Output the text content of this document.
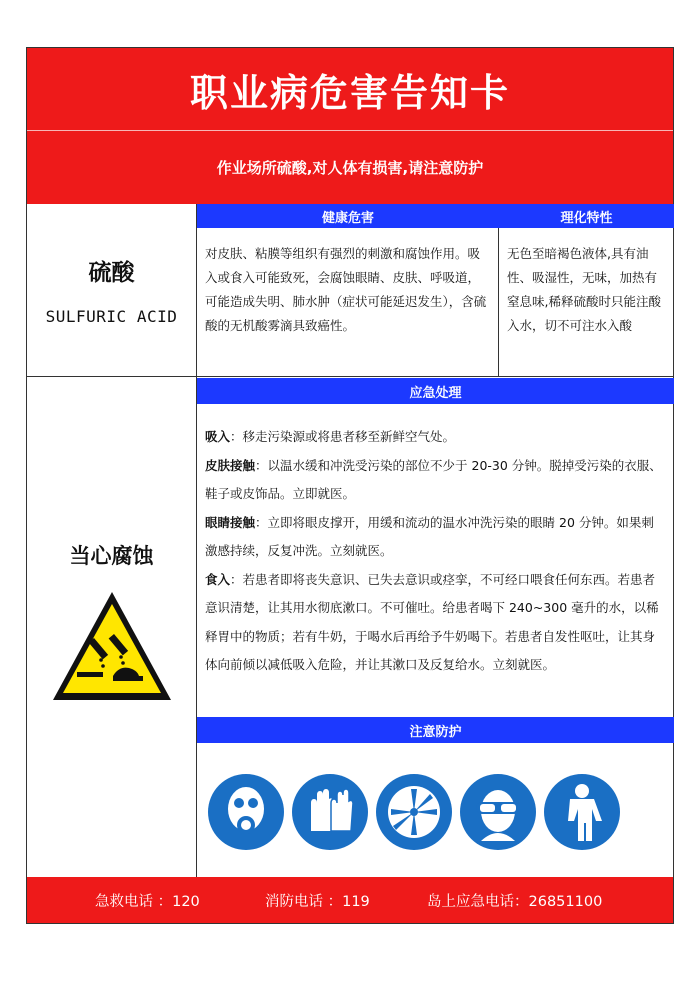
职业病危害告知卡
作业场所硫酸,对人体有损害,请注意防护
硫酸
SULFURIC ACID
健康危害	理化特性
对皮肤、粘膜等组织有强烈的刺激和腐蚀作用。吸入或食入可能致死，会腐蚀眼睛、皮肤、呼吸道，可能造成失明、肺水肿（症状可能延迟发生），含硫酸的无机酸雾滴具致癌性。
无色至暗褐色液体,具有油性、吸湿性，无味，加热有窒息味,稀释硫酸时只能注酸入水，切不可注水入酸
当心腐蚀
应急处理
吸入：移走污染源或将患者移至新鲜空气处。
皮肤接触：以温水缓和冲洗受污染的部位不少于 20-30 分钟。脱掉受污染的衣服、鞋子或皮饰品。立即就医。
眼睛接触：立即将眼皮撑开，用缓和流动的温水冲洗污染的眼睛 20 分钟。如果刺激感持续，反复冲洗。立刻就医。
食入：若患者即将丧失意识、已失去意识或痉挛，不可经口喂食任何东西。若患者意识清楚，让其用水彻底漱口。不可催吐。给患者喝下 240~300 毫升的水，以稀释胃中的物质；若有牛奶，于喝水后再给予牛奶喝下。若患者自发性呕吐，让其身体向前倾以减低吸入危险，并让其漱口及反复给水。立刻就医。
注意防护
急救电话 ：120	消防电话 ：119	岛上应急电话：26851100
